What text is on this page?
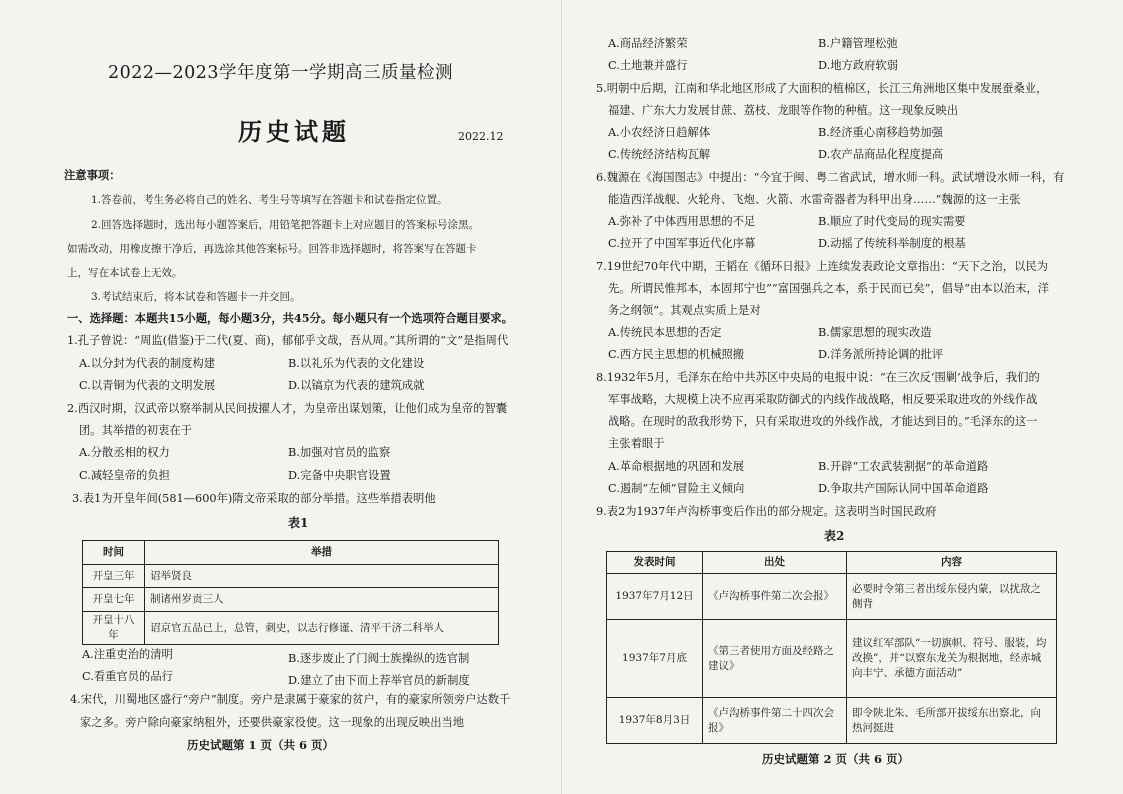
2022—2023学年度第一学期高三质量检测
历史试题	2022.12
注意事项：
1.答卷前，考生务必将自己的姓名、考生号等填写在答题卡和试卷指定位置。
2.回答选择题时，选出每小题答案后，用铅笔把答题卡上对应题目的答案标号涂黑。
如需改动，用橡皮擦干净后，再选涂其他答案标号。回答非选择题时，将答案写在答题卡
上，写在本试卷上无效。
3.考试结束后，将本试卷和答题卡一并交回。
一、选择题：本题共15小题，每小题3分，共45分。每小题只有一个选项符合题目要求。
1.孔子曾说：“周监(借鉴)于二代(夏、商)，郁郁乎文哉，吾从周。”其所谓的“文”是指周代
A.以分封为代表的制度构建	B.以礼乐为代表的文化建设
C.以青铜为代表的文明发展	D.以镐京为代表的建筑成就
2.西汉时期，汉武帝以察举制从民间拔擢人才，为皇帝出谋划策，让他们成为皇帝的智囊
团。其举措的初衷在于
A.分散丞相的权力	B.加强对官员的监察
C.减轻皇帝的负担	D.完备中央职官设置
3.表1为开皇年间(581—600年)隋文帝采取的部分举措。这些举措表明他
表1
时间	举措
开皇三年	诏举贤良
开皇七年	制诸州岁贡三人
开皇十八年	诏京官五品已上，总管，刺史，以志行修谨、清平干济二科举人
A.注重吏治的清明	B.逐步废止了门阀士族操纵的选官制
C.看重官员的品行	D.建立了由下而上荐举官员的新制度
4.宋代，川蜀地区盛行“旁户”制度。旁户是隶属于豪家的贫户，有的豪家所领旁户达数千
家之多。旁户除向豪家纳租外，还要供豪家役使。这一现象的出现反映出当地
历史试题第 1 页（共 6 页）
A.商品经济繁荣	B.户籍管理松弛
C.土地兼并盛行	D.地方政府软弱
5.明朝中后期，江南和华北地区形成了大面积的植棉区，长江三角洲地区集中发展蚕桑业，
福建、广东大力发展甘蔗、荔枝、龙眼等作物的种植。这一现象反映出
A.小农经济日趋解体	B.经济重心南移趋势加强
C.传统经济结构瓦解	D.农产品商品化程度提高
6.魏源在《海国图志》中提出：“今宜于闽、粤二省武试，增水师一科。武试增设水师一科，有
能造西洋战舰、火轮舟、飞炮、火箭、水雷奇器者为科甲出身……”魏源的这一主张
A.弥补了中体西用思想的不足	B.顺应了时代变局的现实需要
C.拉开了中国军事近代化序幕	D.动摇了传统科举制度的根基
7.19世纪70年代中期，王韬在《循环日报》上连续发表政论文章指出：“天下之治，以民为
先。所谓民惟邦本，本固邦宁也”“富国强兵之本，系于民而已矣”，倡导“由本以治末，洋
务之纲领”。其观点实质上是对
A.传统民本思想的否定	B.儒家思想的现实改造
C.西方民主思想的机械照搬	D.洋务派所持论调的批评
8.1932年5月，毛泽东在给中共苏区中央局的电报中说：“在三次反‘围剿’战争后，我们的
军事战略，大规模上决不应再采取防御式的内线作战战略，相反要采取进攻的外线作战
战略。在现时的敌我形势下，只有采取进攻的外线作战，才能达到目的。”毛泽东的这一
主张着眼于
A.革命根据地的巩固和发展	B.开辟“工农武装割据”的革命道路
C.遏制“左倾”冒险主义倾向	D.争取共产国际认同中国革命道路
9.表2为1937年卢沟桥事变后作出的部分规定。这表明当时国民政府
表2
发表时间	出处	内容
1937年7月12日	《卢沟桥事件第二次会报》	必要时令第三者出绥东侵内蒙，以扰敌之侧背
1937年7月底	《第三者使用方面及经路之建议》	建议红军部队“一切旗帜、符号、服装，均改换”，并“以察东龙关为根据地，经赤城向丰宁、承德方面活动”
1937年8月3日	《卢沟桥事件第二十四次会报》	即令陕北朱、毛所部开拔绥东出察北，向热河挺进
历史试题第 2 页（共 6 页）
